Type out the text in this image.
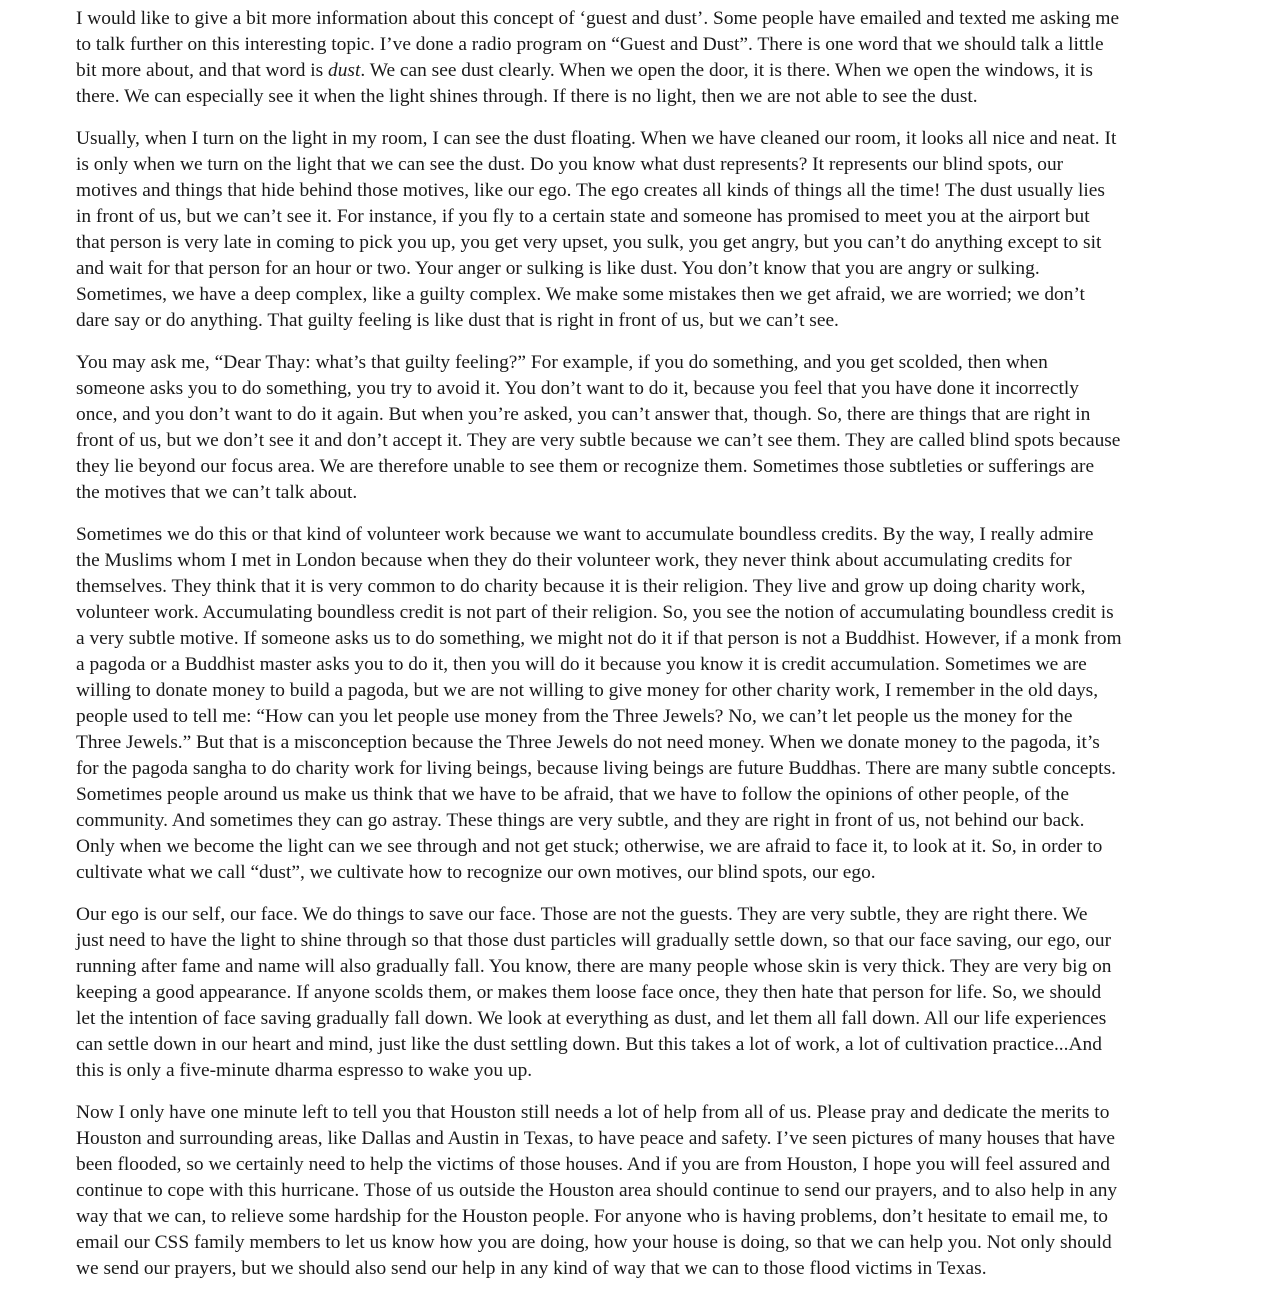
I would like to give a bit more information about this concept of ‘guest and dust’. Some people have emailed and texted me asking me
to talk further on this interesting topic. I’ve done a radio program on “Guest and Dust”. There is one word that we should talk a little
bit more about, and that word is dust. We can see dust clearly. When we open the door, it is there. When we open the windows, it is
there. We can especially see it when the light shines through. If there is no light, then we are not able to see the dust.

Usually, when I turn on the light in my room, I can see the dust floating. When we have cleaned our room, it looks all nice and neat. It
is only when we turn on the light that we can see the dust. Do you know what dust represents? It represents our blind spots, our
motives and things that hide behind those motives, like our ego. The ego creates all kinds of things all the time! The dust usually lies
in front of us, but we can’t see it. For instance, if you fly to a certain state and someone has promised to meet you at the airport but
that person is very late in coming to pick you up, you get very upset, you sulk, you get angry, but you can’t do anything except to sit
and wait for that person for an hour or two. Your anger or sulking is like dust. You don’t know that you are angry or sulking.
Sometimes, we have a deep complex, like a guilty complex. We make some mistakes then we get afraid, we are worried; we don’t
dare say or do anything. That guilty feeling is like dust that is right in front of us, but we can’t see.

You may ask me, “Dear Thay: what’s that guilty feeling?” For example, if you do something, and you get scolded, then when
someone asks you to do something, you try to avoid it. You don’t want to do it, because you feel that you have done it incorrectly
once, and you don’t want to do it again. But when you’re asked, you can’t answer that, though. So, there are things that are right in
front of us, but we don’t see it and don’t accept it. They are very subtle because we can’t see them. They are called blind spots because
they lie beyond our focus area. We are therefore unable to see them or recognize them. Sometimes those subtleties or sufferings are
the motives that we can’t talk about.

Sometimes we do this or that kind of volunteer work because we want to accumulate boundless credits. By the way, I really admire
the Muslims whom I met in London because when they do their volunteer work, they never think about accumulating credits for
themselves. They think that it is very common to do charity because it is their religion. They live and grow up doing charity work,
volunteer work. Accumulating boundless credit is not part of their religion. So, you see the notion of accumulating boundless credit is
a very subtle motive. If someone asks us to do something, we might not do it if that person is not a Buddhist. However, if a monk from
a pagoda or a Buddhist master asks you to do it, then you will do it because you know it is credit accumulation. Sometimes we are
willing to donate money to build a pagoda, but we are not willing to give money for other charity work, I remember in the old days,
people used to tell me: “How can you let people use money from the Three Jewels? No, we can’t let people us the money for the
Three Jewels.” But that is a misconception because the Three Jewels do not need money. When we donate money to the pagoda, it’s
for the pagoda sangha to do charity work for living beings, because living beings are future Buddhas. There are many subtle concepts.
Sometimes people around us make us think that we have to be afraid, that we have to follow the opinions of other people, of the
community. And sometimes they can go astray. These things are very subtle, and they are right in front of us, not behind our back.
Only when we become the light can we see through and not get stuck; otherwise, we are afraid to face it, to look at it. So, in order to
cultivate what we call “dust”, we cultivate how to recognize our own motives, our blind spots, our ego.

Our ego is our self, our face. We do things to save our face. Those are not the guests. They are very subtle, they are right there. We
just need to have the light to shine through so that those dust particles will gradually settle down, so that our face saving, our ego, our
running after fame and name will also gradually fall. You know, there are many people whose skin is very thick. They are very big on
keeping a good appearance. If anyone scolds them, or makes them loose face once, they then hate that person for life. So, we should
let the intention of face saving gradually fall down. We look at everything as dust, and let them all fall down. All our life experiences
can settle down in our heart and mind, just like the dust settling down. But this takes a lot of work, a lot of cultivation practice...And
this is only a five-minute dharma espresso to wake you up.

Now I only have one minute left to tell you that Houston still needs a lot of help from all of us. Please pray and dedicate the merits to
Houston and surrounding areas, like Dallas and Austin in Texas, to have peace and safety. I’ve seen pictures of many houses that have
been flooded, so we certainly need to help the victims of those houses. And if you are from Houston, I hope you will feel assured and
continue to cope with this hurricane. Those of us outside the Houston area should continue to send our prayers, and to also help in any
way that we can, to relieve some hardship for the Houston people. For anyone who is having problems, don’t hesitate to email me, to
email our CSS family members to let us know how you are doing, how your house is doing, so that we can help you. Not only should
we send our prayers, but we should also send our help in any kind of way that we can to those flood victims in Texas.
